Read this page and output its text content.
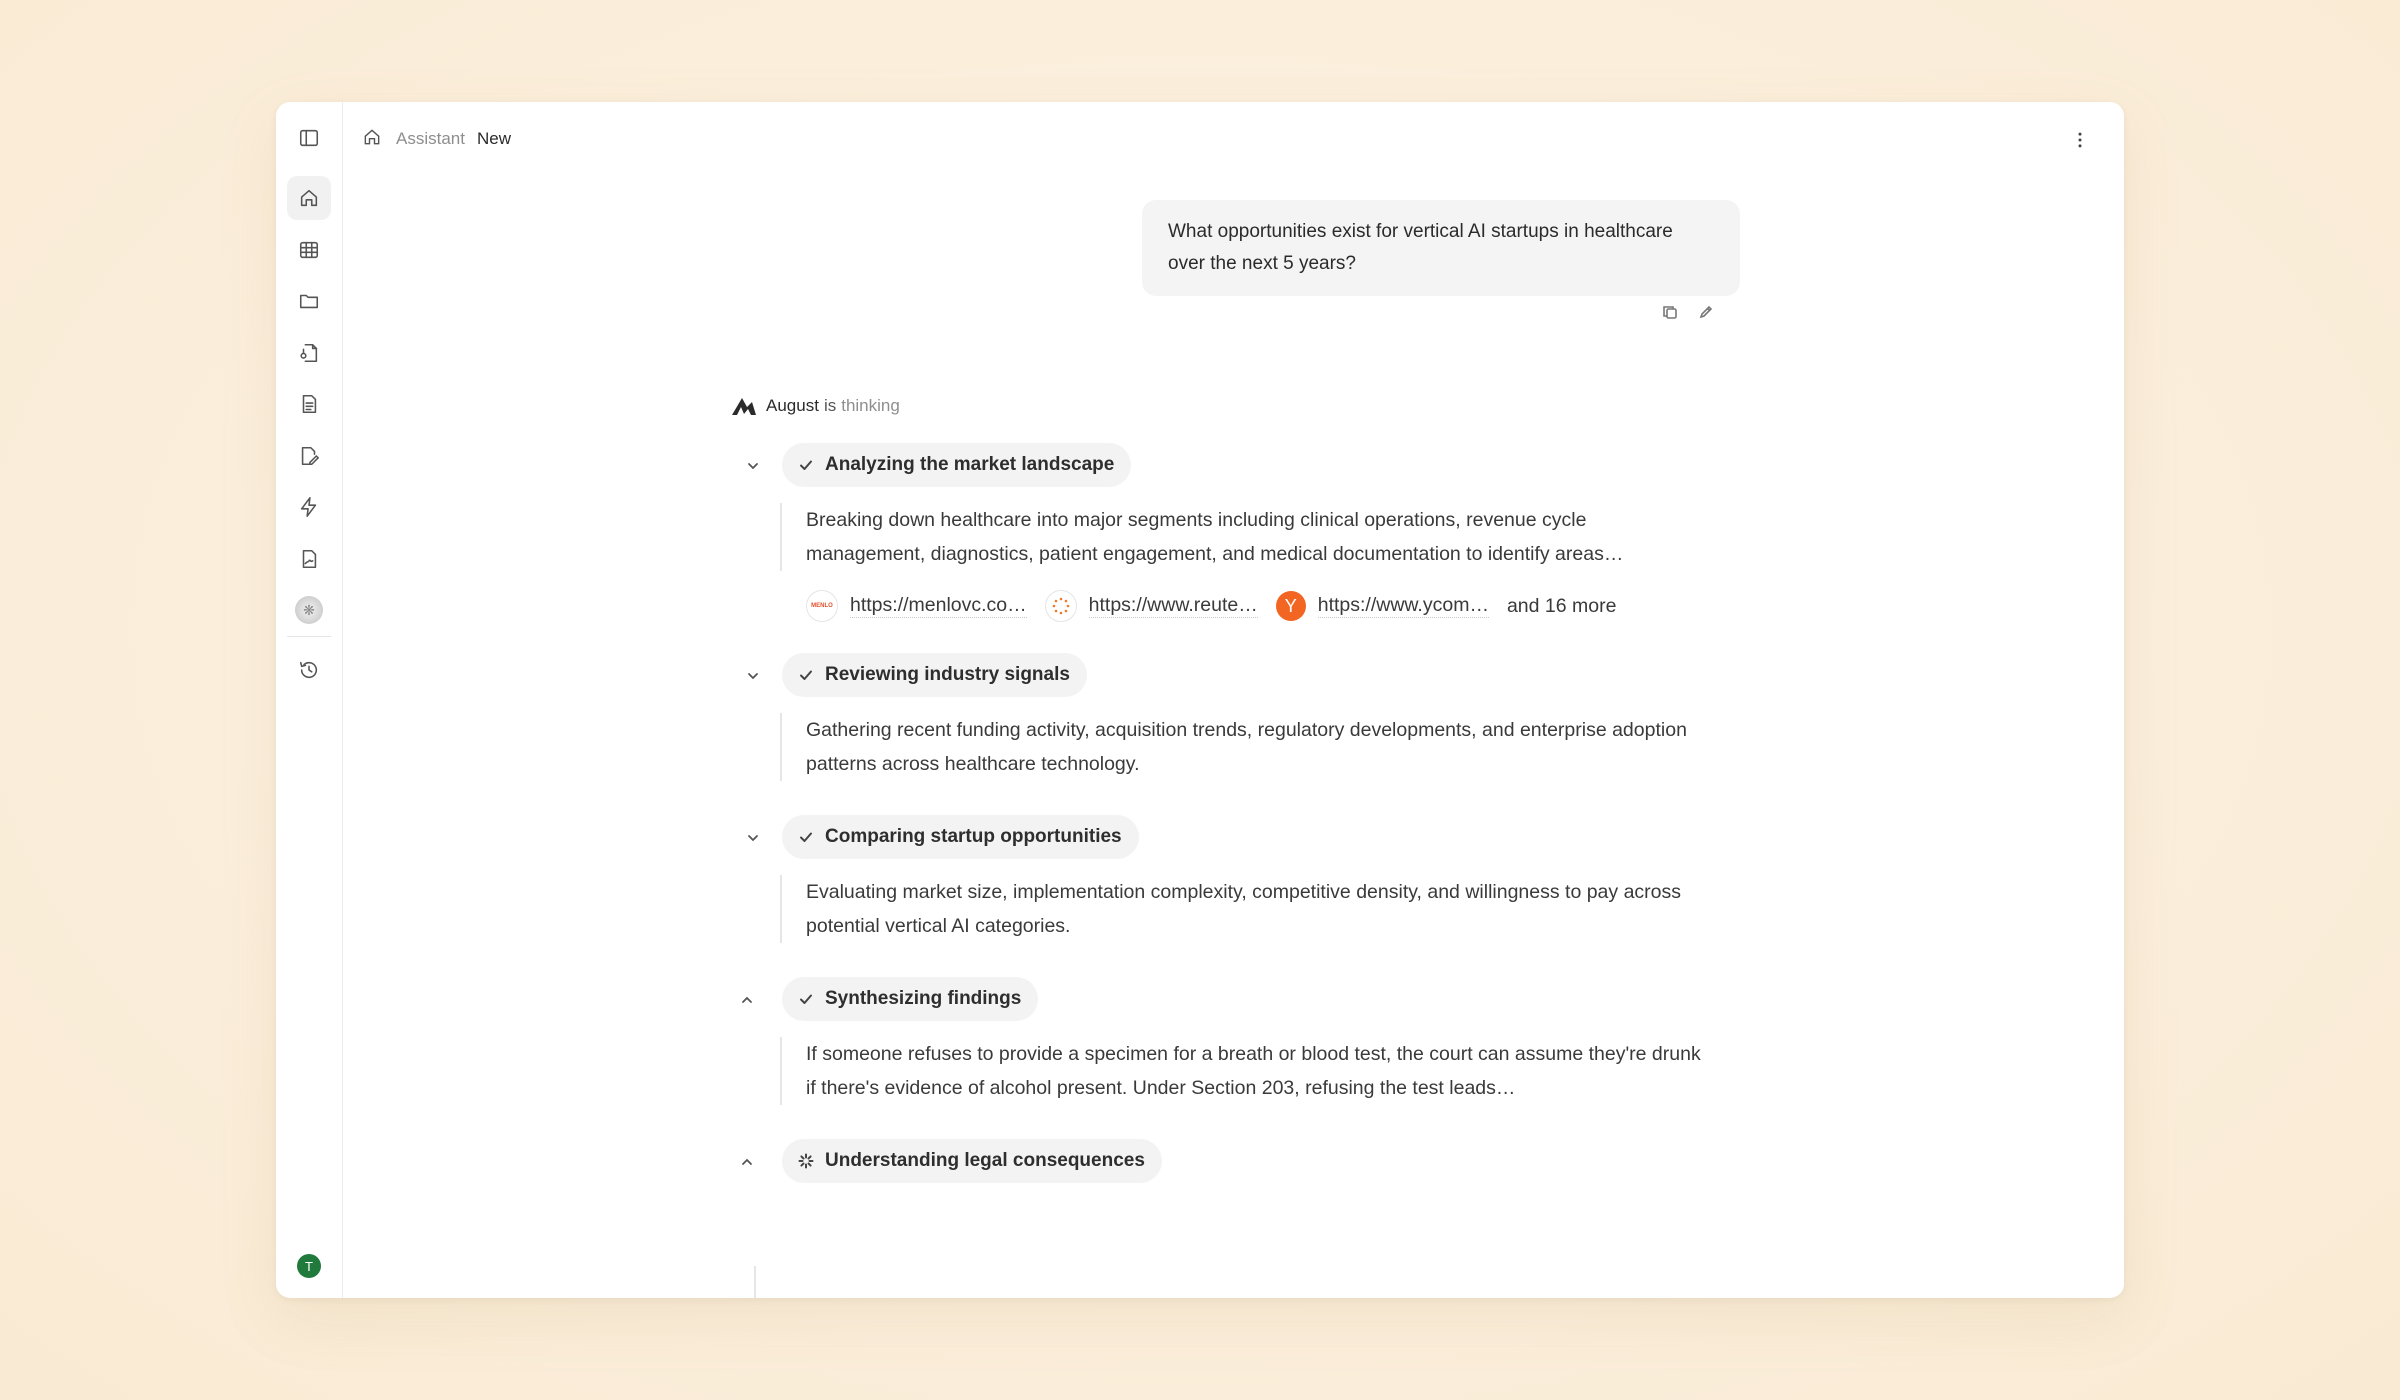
❋
T
Assistant New
What opportunities exist for vertical AI startups in healthcare over the next 5 years?
August is thinking
Analyzing the market landscape
Breaking down healthcare into major segments including clinical operations, revenue cycle management, diagnostics, patient engagement, and medical documentation to identify areas…
MENLO https://menlovc.co…	https://www.reute…	Y	https://www.ycom… and 16 more
Reviewing industry signals
Gathering recent funding activity, acquisition trends, regulatory developments, and enterprise adoption patterns across healthcare technology.
Comparing startup opportunities
Evaluating market size, implementation complexity, competitive density, and willingness to pay across potential vertical AI categories.
Synthesizing findings
If someone refuses to provide a specimen for a breath or blood test, the court can assume they're drunk if there's evidence of alcohol present. Under Section 203, refusing the test leads…
Understanding legal consequences
